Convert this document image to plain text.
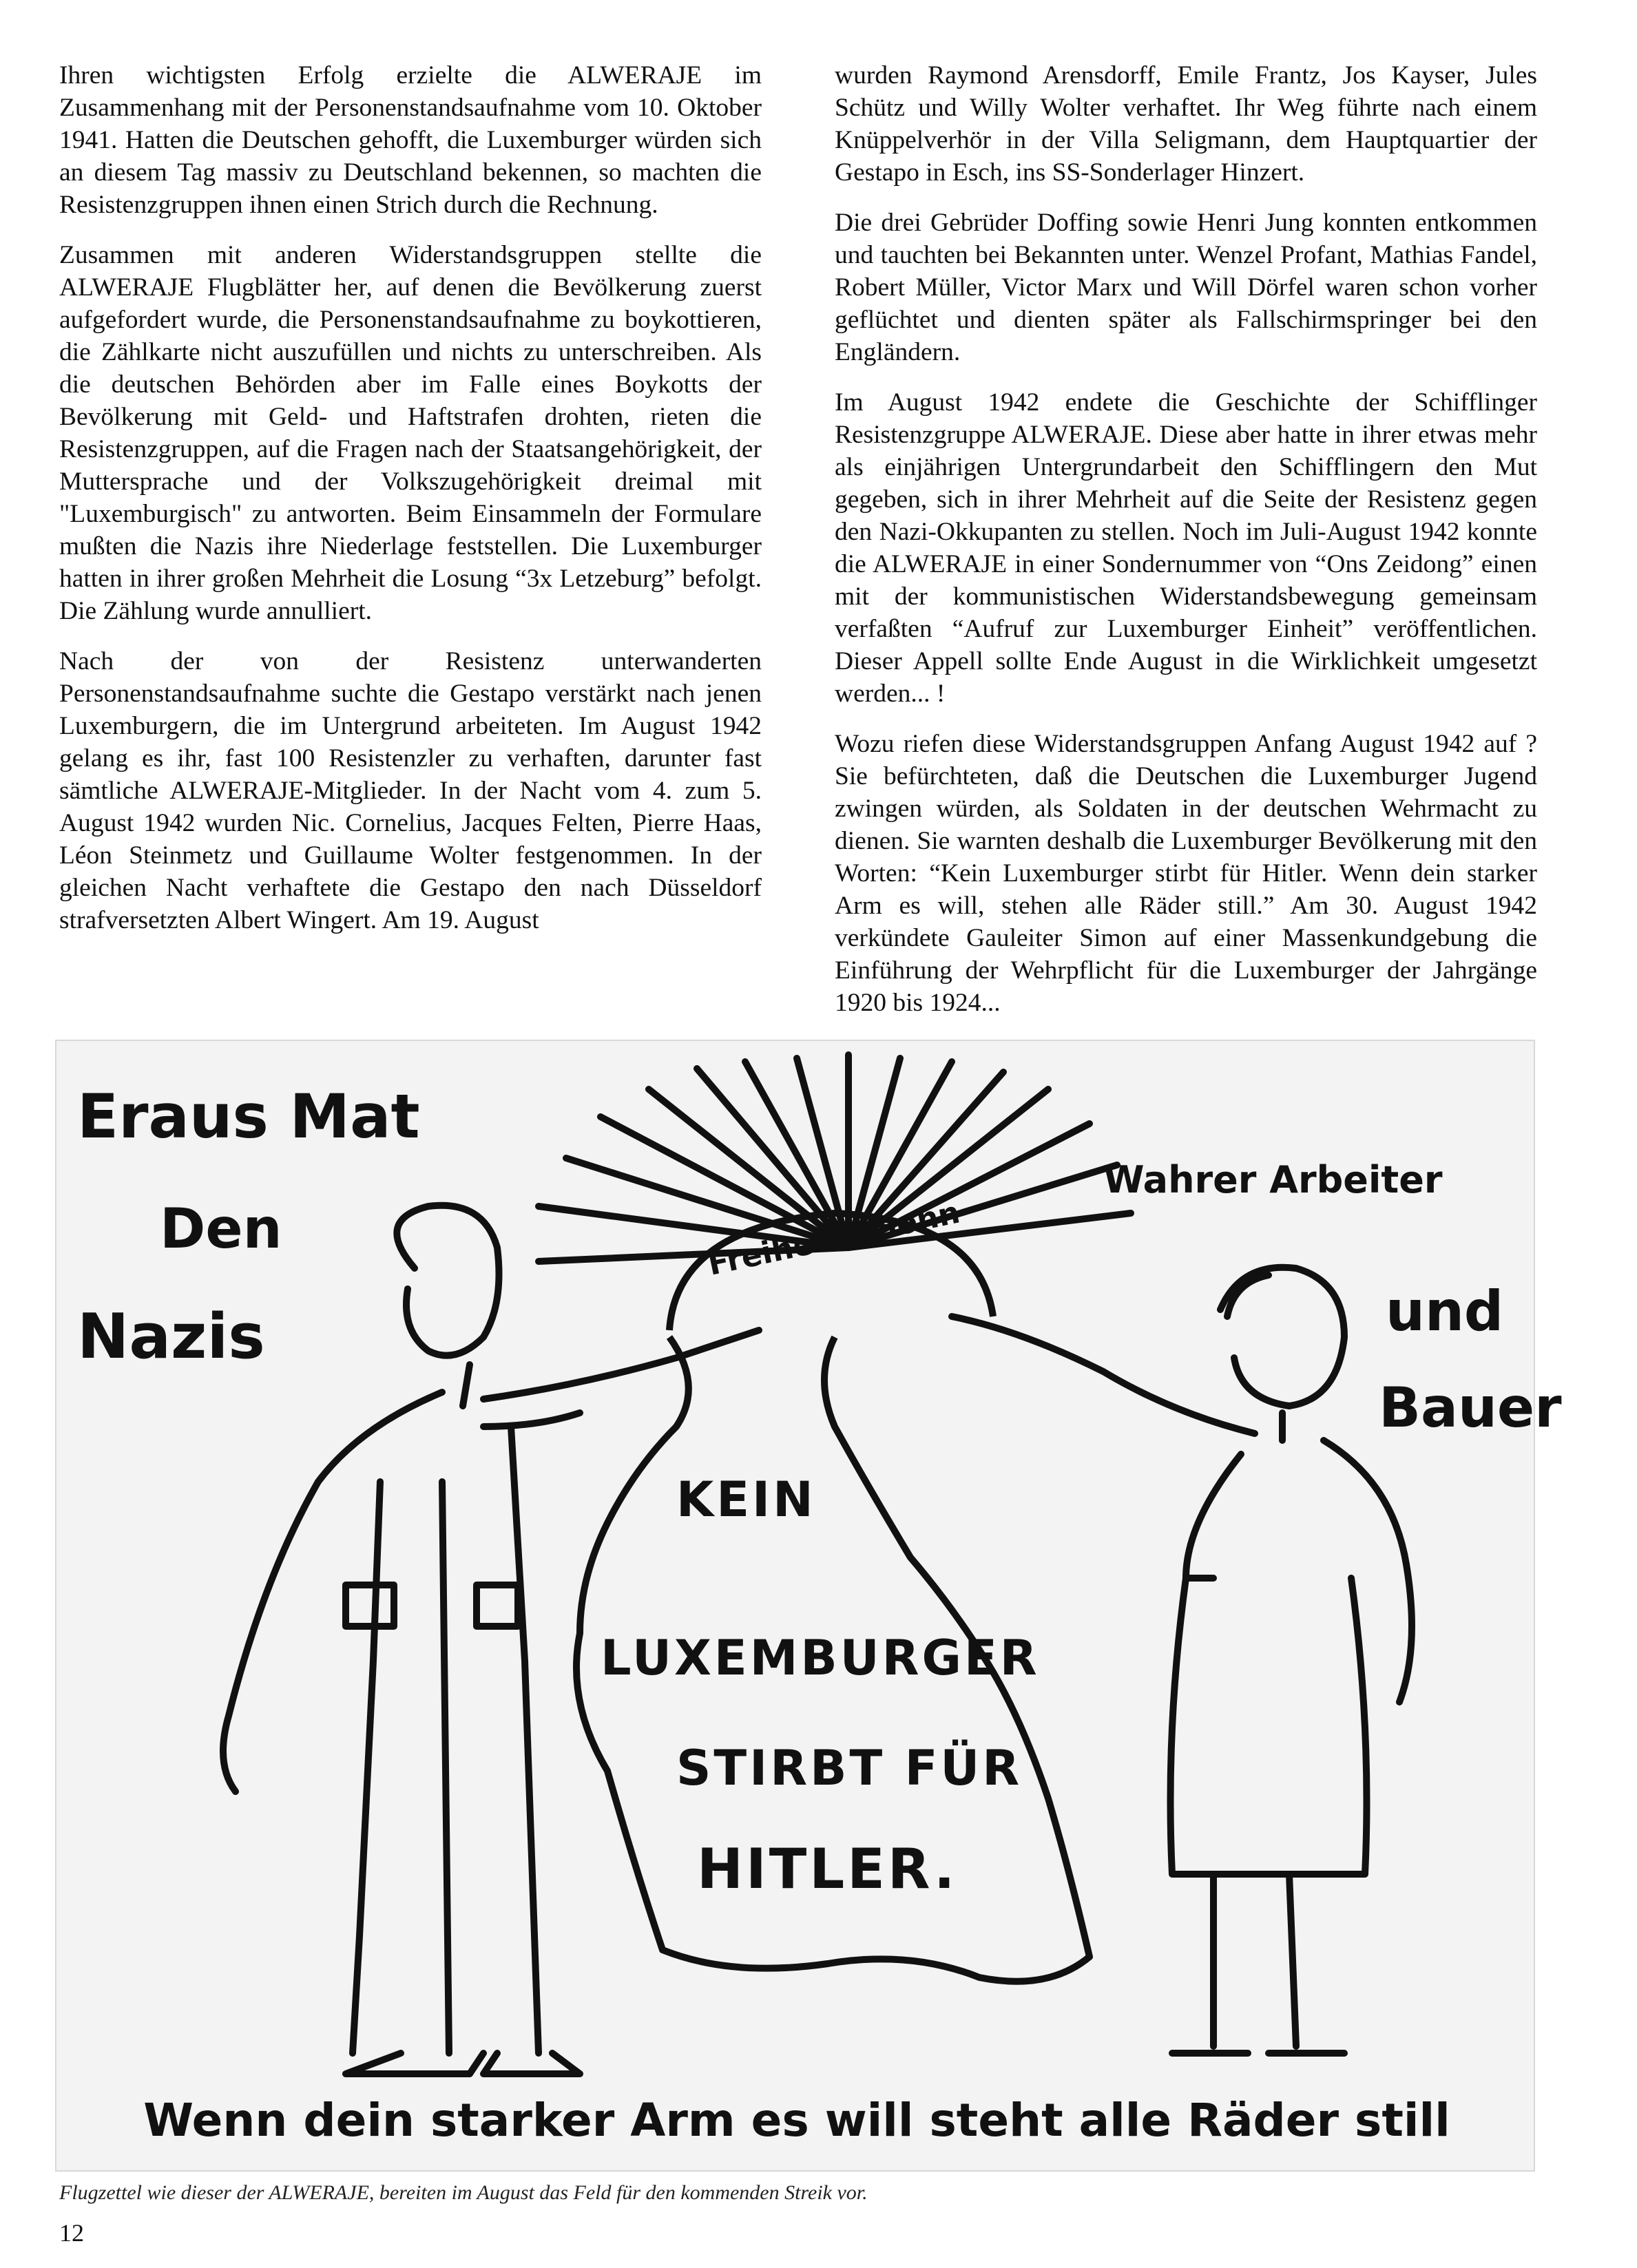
Ihren wichtigsten Erfolg erzielte die ALWERAJE im Zusammenhang mit der Personenstandsaufnahme vom 10. Oktober 1941. Hatten die Deutschen gehofft, die Luxemburger würden sich an diesem Tag massiv zu Deutschland bekennen, so machten die Resistenzgruppen ihnen einen Strich durch die Rechnung.

Zusammen mit anderen Widerstandsgruppen stellte die ALWERAJE Flugblätter her, auf denen die Bevölkerung zuerst aufgefordert wurde, die Personenstandsaufnahme zu boykottieren, die Zählkarte nicht auszufüllen und nichts zu unterschreiben. Als die deutschen Behörden aber im Falle eines Boykotts der Bevölkerung mit Geld- und Haftstrafen drohten, rieten die Resistenzgruppen, auf die Fragen nach der Staatsangehörigkeit, der Muttersprache und der Volkszugehörigkeit dreimal mit "Luxemburgisch" zu antworten. Beim Einsammeln der Formulare mußten die Nazis ihre Niederlage feststellen. Die Luxemburger hatten in ihrer großen Mehrheit die Losung “3x Letzeburg” befolgt. Die Zählung wurde annulliert.

Nach der von der Resistenz unterwanderten Personenstandsaufnahme suchte die Gestapo verstärkt nach jenen Luxemburgern, die im Untergrund arbeiteten. Im August 1942 gelang es ihr, fast 100 Resistenzler zu verhaften, darunter fast sämtliche ALWERAJE-Mitglieder. In der Nacht vom 4. zum 5. August 1942 wurden Nic. Cornelius, Jacques Felten, Pierre Haas, Léon Steinmetz und Guillaume Wolter festgenommen. In der gleichen Nacht verhaftete die Gestapo den nach Düsseldorf strafversetzten Albert Wingert. Am 19. August

wurden Raymond Arensdorff, Emile Frantz, Jos Kayser, Jules Schütz und Willy Wolter verhaftet. Ihr Weg führte nach einem Knüppelverhör in der Villa Seligmann, dem Hauptquartier der Gestapo in Esch, ins SS-Sonderlager Hinzert.

Die drei Gebrüder Doffing sowie Henri Jung konnten entkommen und tauchten bei Bekannten unter. Wenzel Profant, Mathias Fandel, Robert Müller, Victor Marx und Will Dörfel waren schon vorher geflüchtet und dienten später als Fallschirmspringer bei den Engländern.

Im August 1942 endete die Geschichte der Schifflinger Resistenzgruppe ALWERAJE. Diese aber hatte in ihrer etwas mehr als einjährigen Untergrundarbeit den Schifflingern den Mut gegeben, sich in ihrer Mehrheit auf die Seite der Resistenz gegen den Nazi-Okkupanten zu stellen. Noch im Juli-August 1942 konnte die ALWERAJE in einer Sondernummer von “Ons Zeidong” einen mit der kommunistischen Widerstandsbewegung gemeinsam verfaßten “Aufruf zur Luxemburger Einheit” veröffentlichen. Dieser Appell sollte Ende August in die Wirklichkeit umgesetzt werden... !

Wozu riefen diese Widerstandsgruppen Anfang August 1942 auf ? Sie befürchteten, daß die Deutschen die Luxemburger Jugend zwingen würden, als Soldaten in der deutschen Wehrmacht zu dienen. Sie warnten deshalb die Luxemburger Bevölkerung mit den Worten: “Kein Luxemburger stirbt für Hitler. Wenn dein starker Arm es will, stehen alle Räder still.” Am 30. August 1942 verkündete Gauleiter Simon auf einer Massenkundgebung die Einführung der Wehrpflicht für die Luxemburger der Jahrgänge 1920 bis 1924...

Freiheets Sonn
Eraus Mat
Den
Nazis
Wahrer Arbeiter
und
Bauer
KEIN
LUXEMBURGER
STIRBT FÜR
HITLER.
Wenn dein starker Arm es will steht alle Räder still
Flugzettel wie dieser der ALWERAJE, bereiten im August das Feld für den kommenden Streik vor.
12
